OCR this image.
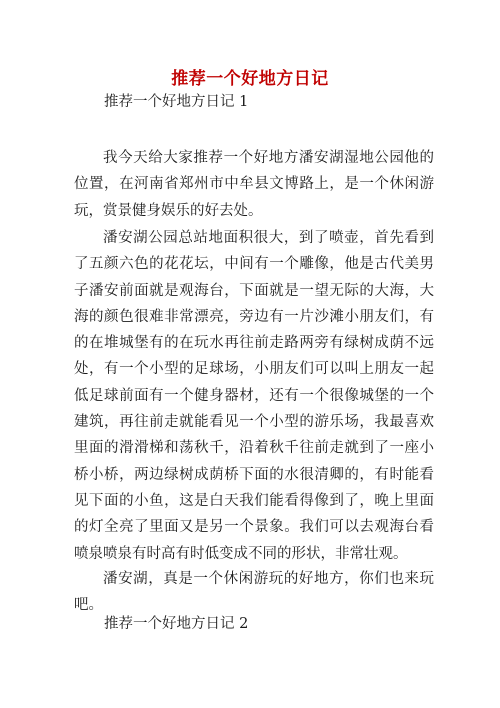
推荐一个好地方日记
推荐一个好地方日记 1

我今天给大家推荐一个好地方潘安湖湿地公园他的位置，在河南省郑州市中牟县文博路上，是一个休闲游玩，赏景健身娱乐的好去处。

潘安湖公园总站地面积很大，到了喷壶，首先看到了五颜六色的花花坛，中间有一个雕像，他是古代美男子潘安前面就是观海台，下面就是一望无际的大海，大海的颜色很难非常漂亮，旁边有一片沙滩小朋友们，有的在堆城堡有的在玩水再往前走路两旁有绿树成荫不远处，有一个小型的足球场，小朋友们可以叫上朋友一起低足球前面有一个健身器材，还有一个很像城堡的一个建筑，再往前走就能看见一个小型的游乐场，我最喜欢里面的滑滑梯和荡秋千，沿着秋千往前走就到了一座小桥小桥，两边绿树成荫桥下面的水很清卿的，有时能看见下面的小鱼，这是白天我们能看得像到了，晚上里面的灯全亮了里面又是另一个景象。我们可以去观海台看喷泉喷泉有时高有时低变成不同的形状，非常壮观。

潘安湖，真是一个休闲游玩的好地方，你们也来玩吧。

推荐一个好地方日记 2
